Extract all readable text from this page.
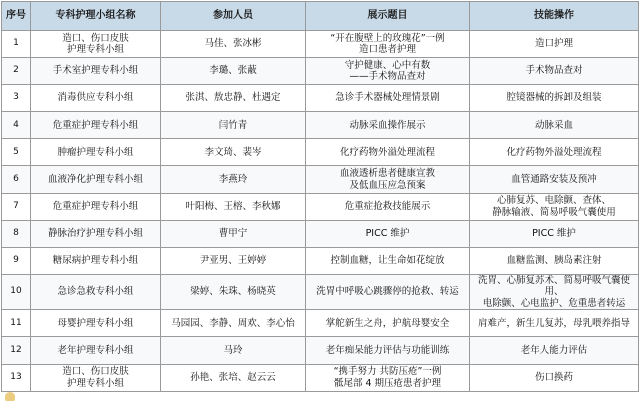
序号	专科护理小组名称	参加人员	展示题目	技能操作
1	造口、伤口皮肤
护理专科小组	马佳、张冰彬	“开在腹壁上的玫瑰花”一例
造口患者护理	造口护理
2	手术室护理专科小组	李璐、张蔽	守护健康、心中有数
——手术物品查对	手术物品查对
3	消毒供应专科小组	张淇、敖忠静、杜遇定	急诊手术器械处理情景剧	腔镜器械的拆卸及组装
4	危重症护理专科小组	闫竹青	动脉采血操作展示	动脉采血
5	肿瘤护理专科小组	李文琦、裴岑	化疗药物外溢处理流程	化疗药物外溢处理流程
6	血液净化护理专科小组	李燕玲	血液透析患者健康宣教
及低血压应急预案	血管通路安装及预冲
7	危重症护理专科小组	叶阳梅、王榕、李秋娜	危重症抢救技能展示	心肺复苏、电除颤、查体、
静脉输液、简易呼吸气囊使用
8	静脉治疗护理专科小组	曹甲宁	PICC 维护	PICC 维护
9	糖尿病护理专科小组	尹亚男、王婷婷	控制血糖，让生命如花绽放	血糖监测、胰岛素注射
10	急诊急救专科小组	梁婷、朱珠、杨晓英	洗胃中呼吸心跳骤停的抢救、转运	洗胃、心肺复苏术、简易呼吸气囊使用、
电除颤、心电监护、危重患者转运
11	母婴护理专科小组	马园园、李静、周欢、李心怡	掌舵新生之舟，护航母婴安全	肩难产，新生儿复苏，母乳喂养指导
12	老年护理专科小组	马玲	老年痴呆能力评估与功能训练	老年人能力评估
13	造口、伤口皮肤
护理专科小组	孙艳、张培、赵云云	“携手努力 共防压疮”一例
骶尾部 4 期压疮患者护理	伤口换药
